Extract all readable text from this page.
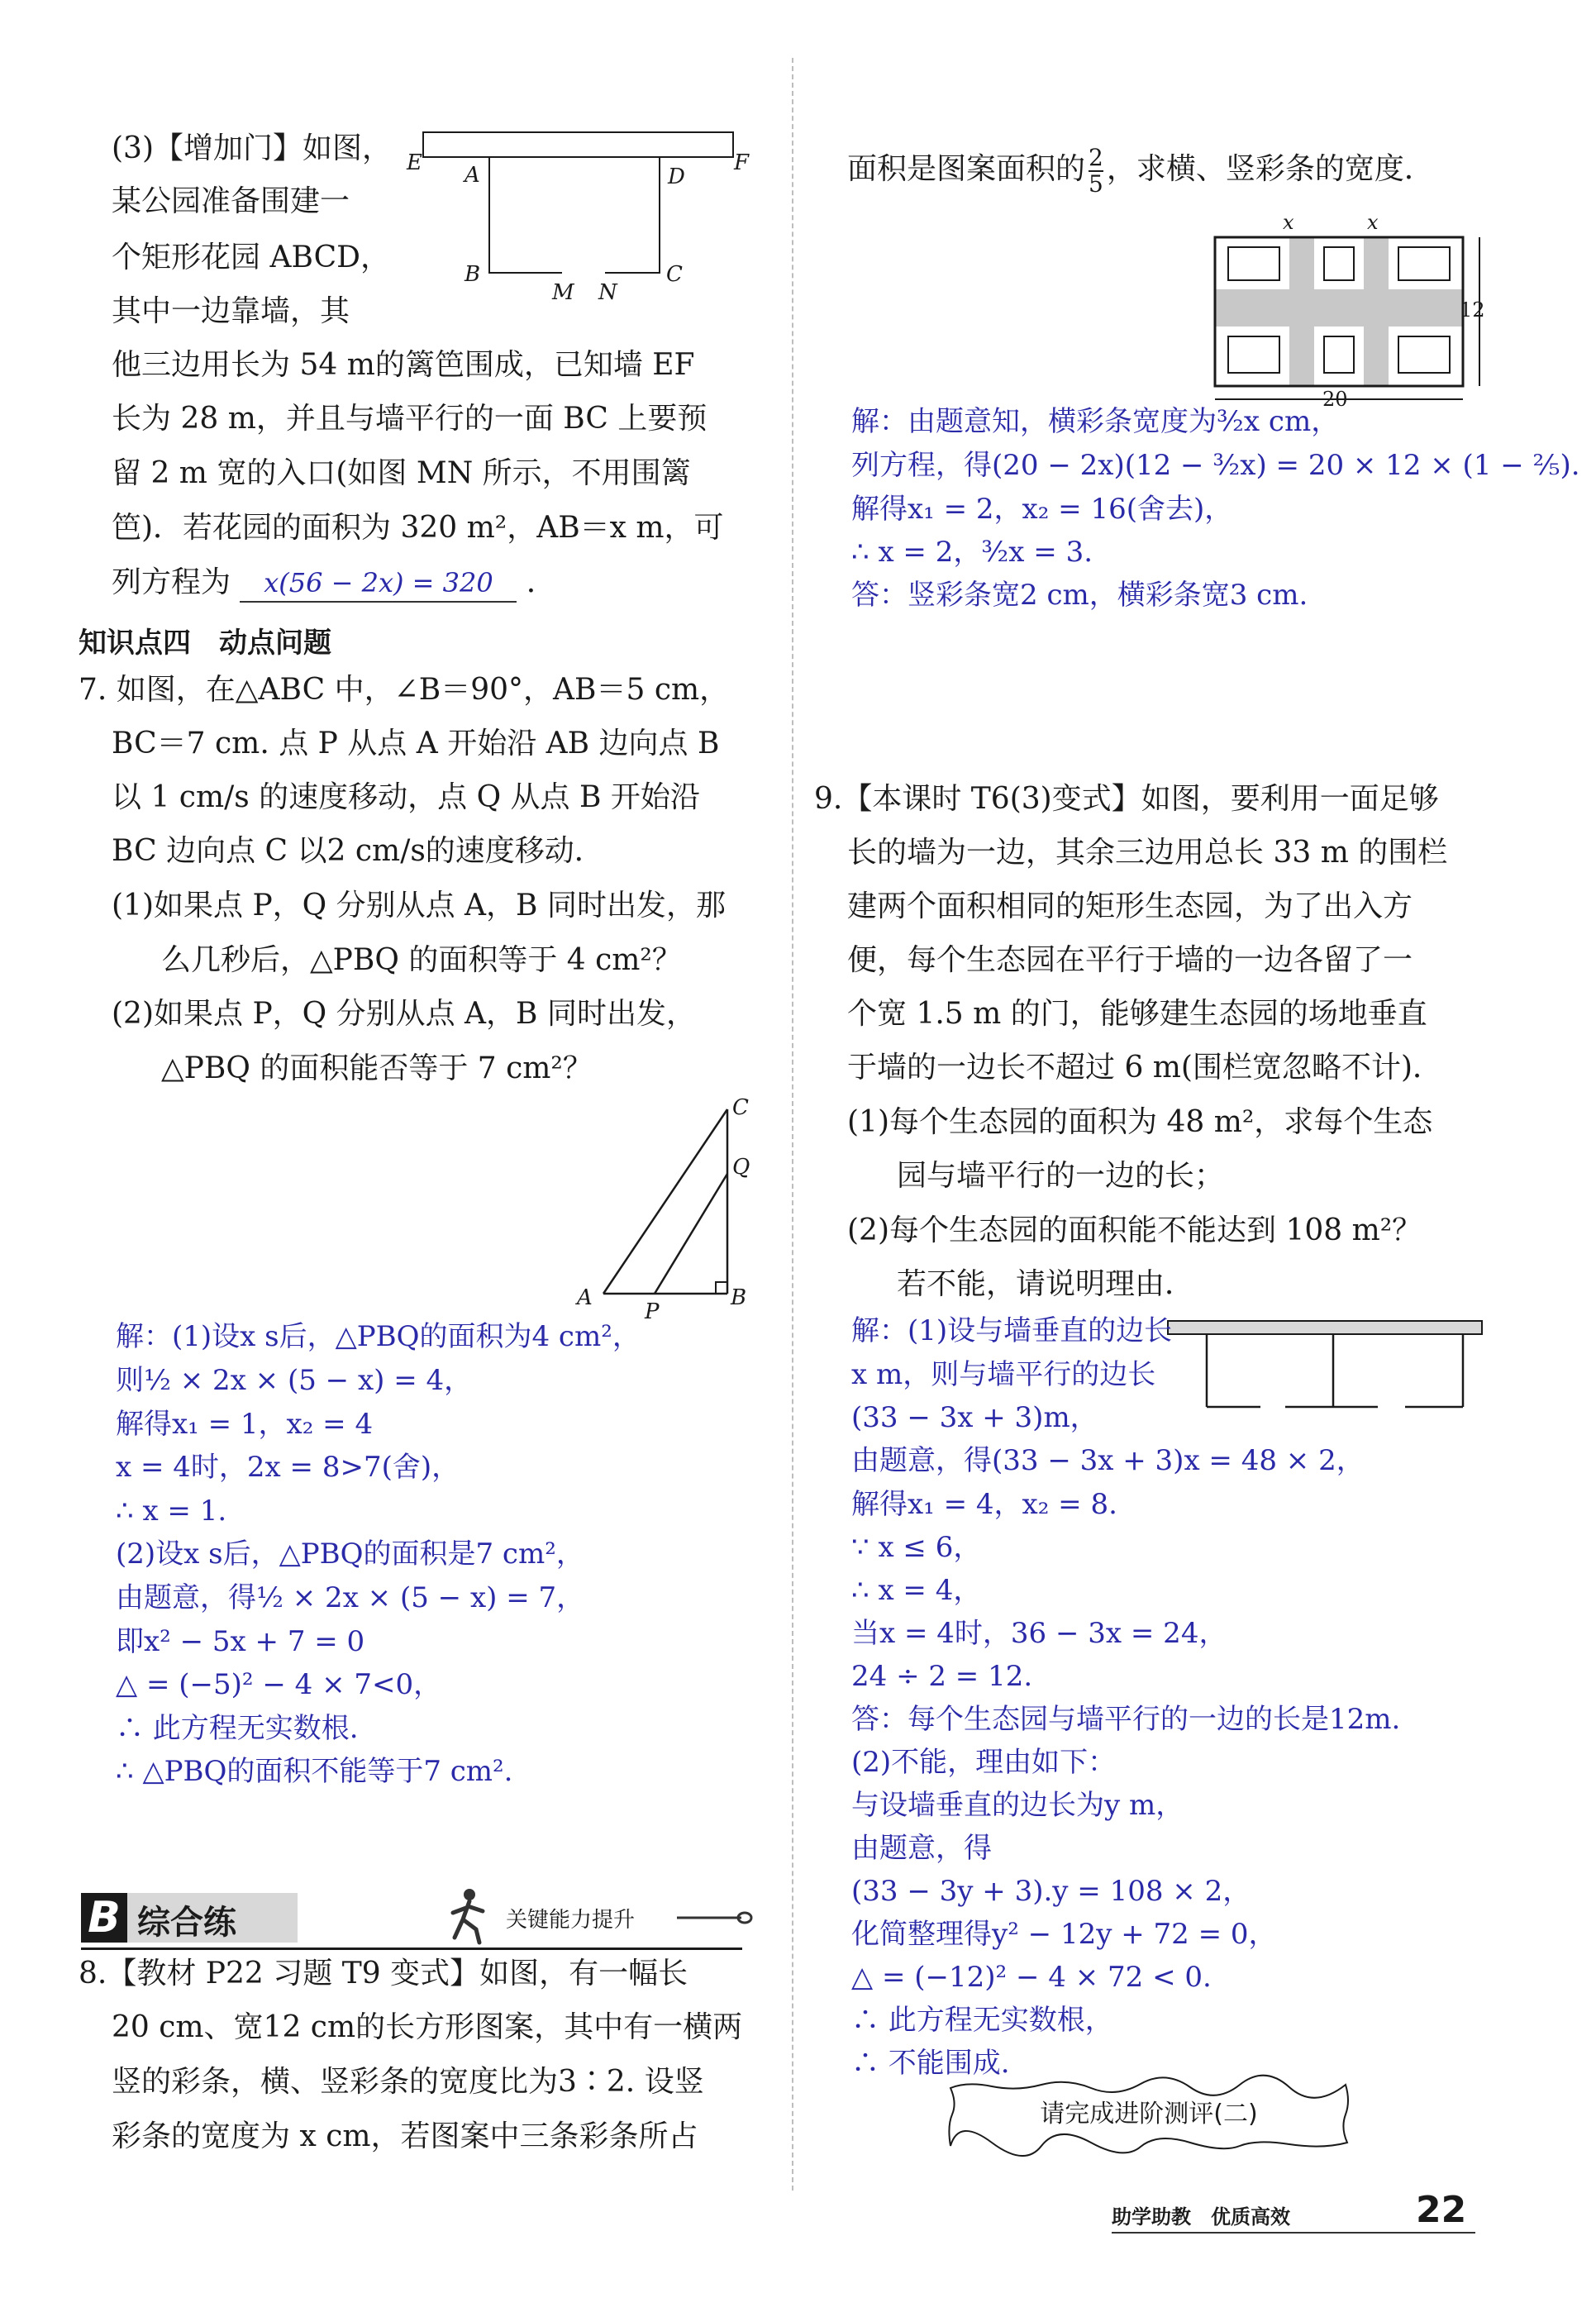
(3)【增加门】如图，
某公园准备围建一
个矩形花园 ABCD，
其中一边靠墙，其
他三边用长为 54 m的篱笆围成，已知墙 EF
长为 28 m，并且与墙平行的一面 BC 上要预
留 2 m 宽的入口(如图 MN 所示，不用围篱
笆)．若花园的面积为 320 m²，AB＝x m，可
列方程为 x(56 − 2x) = 320 ．
E	F
A	D
B	C
M N
知识点四　动点问题
7. 如图，在△ABC 中，∠B＝90°，AB＝5 cm，
BC＝7 cm. 点 P 从点 A 开始沿 AB 边向点 B
以 1 cm/s 的速度移动，点 Q 从点 B 开始沿
BC 边向点 C 以2 cm/s的速度移动．
(1)如果点 P，Q 分别从点 A，B 同时出发，那
么几秒后，△PBQ 的面积等于 4 cm²？
(2)如果点 P，Q 分别从点 A，B 同时出发，
△PBQ 的面积能否等于 7 cm²？
C
Q
A
P
B
解：(1)设x s后，△PBQ的面积为4 cm²，
则½ × 2x × (5 − x) = 4，
解得x₁ = 1，x₂ = 4
x = 4时，2x = 8>7(舍)，
∴ x = 1.
(2)设x s后，△PBQ的面积是7 cm²，
由题意，得½ × 2x × (5 − x) = 7，
即x² − 5x + 7 = 0
△ = (−5)² − 4 × 7<0，
∴ 此方程无实数根.
∴ △PBQ的面积不能等于7 cm².
B 综合练	关键能力提升
8.【教材 P22 习题 T9 变式】如图，有一幅长
20 cm、宽12 cm的长方形图案，其中有一横两
竖的彩条，横、竖彩条的宽度比为3∶2. 设竖
彩条的宽度为 x cm，若图案中三条彩条所占
面积是图案面积的 $\frac{2}{5}$ ，求横、竖彩条的宽度．
x	x
12
20
解：由题意知，横彩条宽度为³⁄₂x cm，
列方程，得(20 − 2x)(12 − ³⁄₂x) = 20 × 12 × (1 − ⅖).
解得x₁ = 2，x₂ = 16(舍去)，
∴ x = 2，³⁄₂x = 3.
答：竖彩条宽2 cm，横彩条宽3 cm.
9.【本课时 T6(3)变式】如图，要利用一面足够
长的墙为一边，其余三边用总长 33 m 的围栏
建两个面积相同的矩形生态园，为了出入方
便，每个生态园在平行于墙的一边各留了一
个宽 1.5 m 的门，能够建生态园的场地垂直
于墙的一边长不超过 6 m(围栏宽忽略不计)．
(1)每个生态园的面积为 48 m²，求每个生态
园与墙平行的一边的长；
(2)每个生态园的面积能不能达到 108 m²？
若不能，请说明理由．
解：(1)设与墙垂直的边长
x m，则与墙平行的边长
(33 − 3x + 3)m，
由题意，得(33 − 3x + 3)x = 48 × 2，
解得x₁ = 4，x₂ = 8.
∵ x ≤ 6，
∴ x = 4，
当x = 4时，36 − 3x = 24，
24 ÷ 2 = 12.
答：每个生态园与墙平行的一边的长是12m.
(2)不能，理由如下：
与设墙垂直的边长为y m，
由题意，得
(33 − 3y + 3).y = 108 × 2，
化简整理得y² − 12y + 72 = 0，
△ = (−12)² − 4 × 72 < 0.
∴ 此方程无实数根，
∴ 不能围成.
请完成进阶测评(二)
助学助教　优质高效	22
